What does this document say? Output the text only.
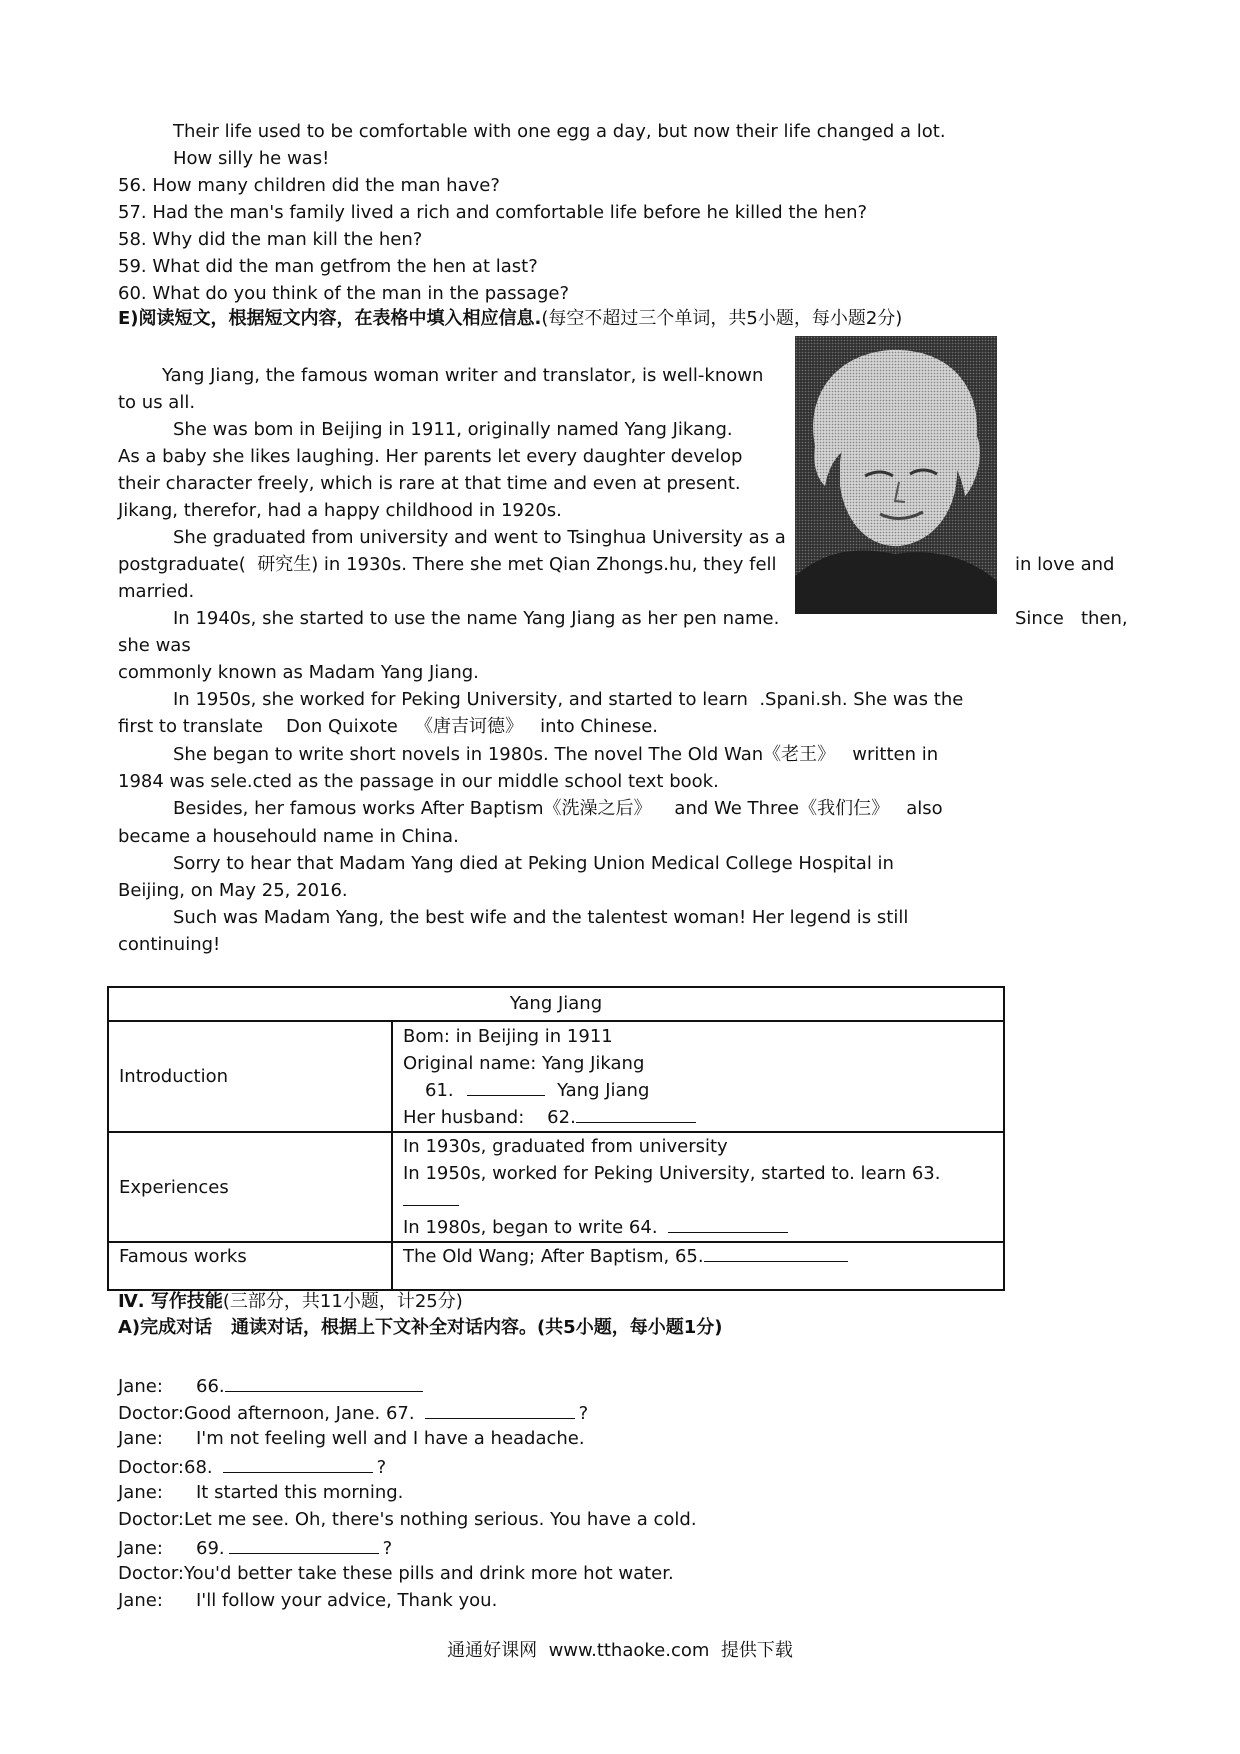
Their life used to be comfortable with one egg a day, but now their life changed a lot.
How silly he was!
56. How many children did the man have?
57. Had the man's family lived a rich and comfortable life before he killed the hen?
58. Why did the man kill the hen?
59. What did the man getfrom the hen at last?
60. What do you think of the man in the passage?
E)阅读短文，根据短文内容，在表格中填入相应信息.(每空不超过三个单词，共5小题，每小题2分)
Yang Jiang, the famous woman writer and translator, is well-known
to us all.
She was bom in Beijing in 1911, originally named Yang Jikang.
As a baby she likes laughing. Her parents let every daughter develop
their character freely, which is rare at that time and even at present.
Jikang, therefor, had a happy childhood in 1920s.
She graduated from university and went to Tsinghua University as a
postgraduate(  研究生) in 1930s. There she met Qian Zhongs.hu, they fell	in love and
married.
In 1940s, she started to use the name Yang Jiang as her pen name.	Since   then,
she was
commonly known as Madam Yang Jiang.
In 1950s, she worked for Peking University, and started to learn  .Spani.sh. She was the
first to translate    Don Quixote   《唐吉诃德》   into Chinese.
She began to write short novels in 1980s. The novel The Old Wan《老王》   written in
1984 was sele.cted as the passage in our middle school text book.
Besides, her famous works After Baptism《洗澡之后》    and We Three《我们仨》   also
became a househould name in China.
Sorry to hear that Madam Yang died at Peking Union Medical College Hospital in
Beijing, on May 25, 2016.
Such was Madam Yang, the best wife and the talentest woman! Her legend is still
continuing!
Yang Jiang	
Introduction	Bom: in Beijing in 1911
Original name: Yang Jikang
61. Yang Jiang
Her husband:    62.

Experiences	In 1930s, graduated from university
In 1950s, worked for Peking University, started to. learn 63.
In 1980s, began to write 64.

Famous works	The Old Wang; After Baptism, 65.
Ⅳ. 写作技能(三部分，共11小题，计25分)
A)完成对话   通读对话，根据上下文补全对话内容。(共5小题，每小题1分)
Jane: 66.
Doctor:Good afternoon, Jane. 67.	?
Jane: I'm not feeling well and I have a headache.
Doctor:68.	?
Jane: It started this morning.
Doctor:Let me see. Oh, there's nothing serious. You have a cold.
Jane: 69.	?
Doctor:You'd better take these pills and drink more hot water.
Jane: I'll follow your advice, Thank you.
通通好课网  www.tthaoke.com  提供下载
